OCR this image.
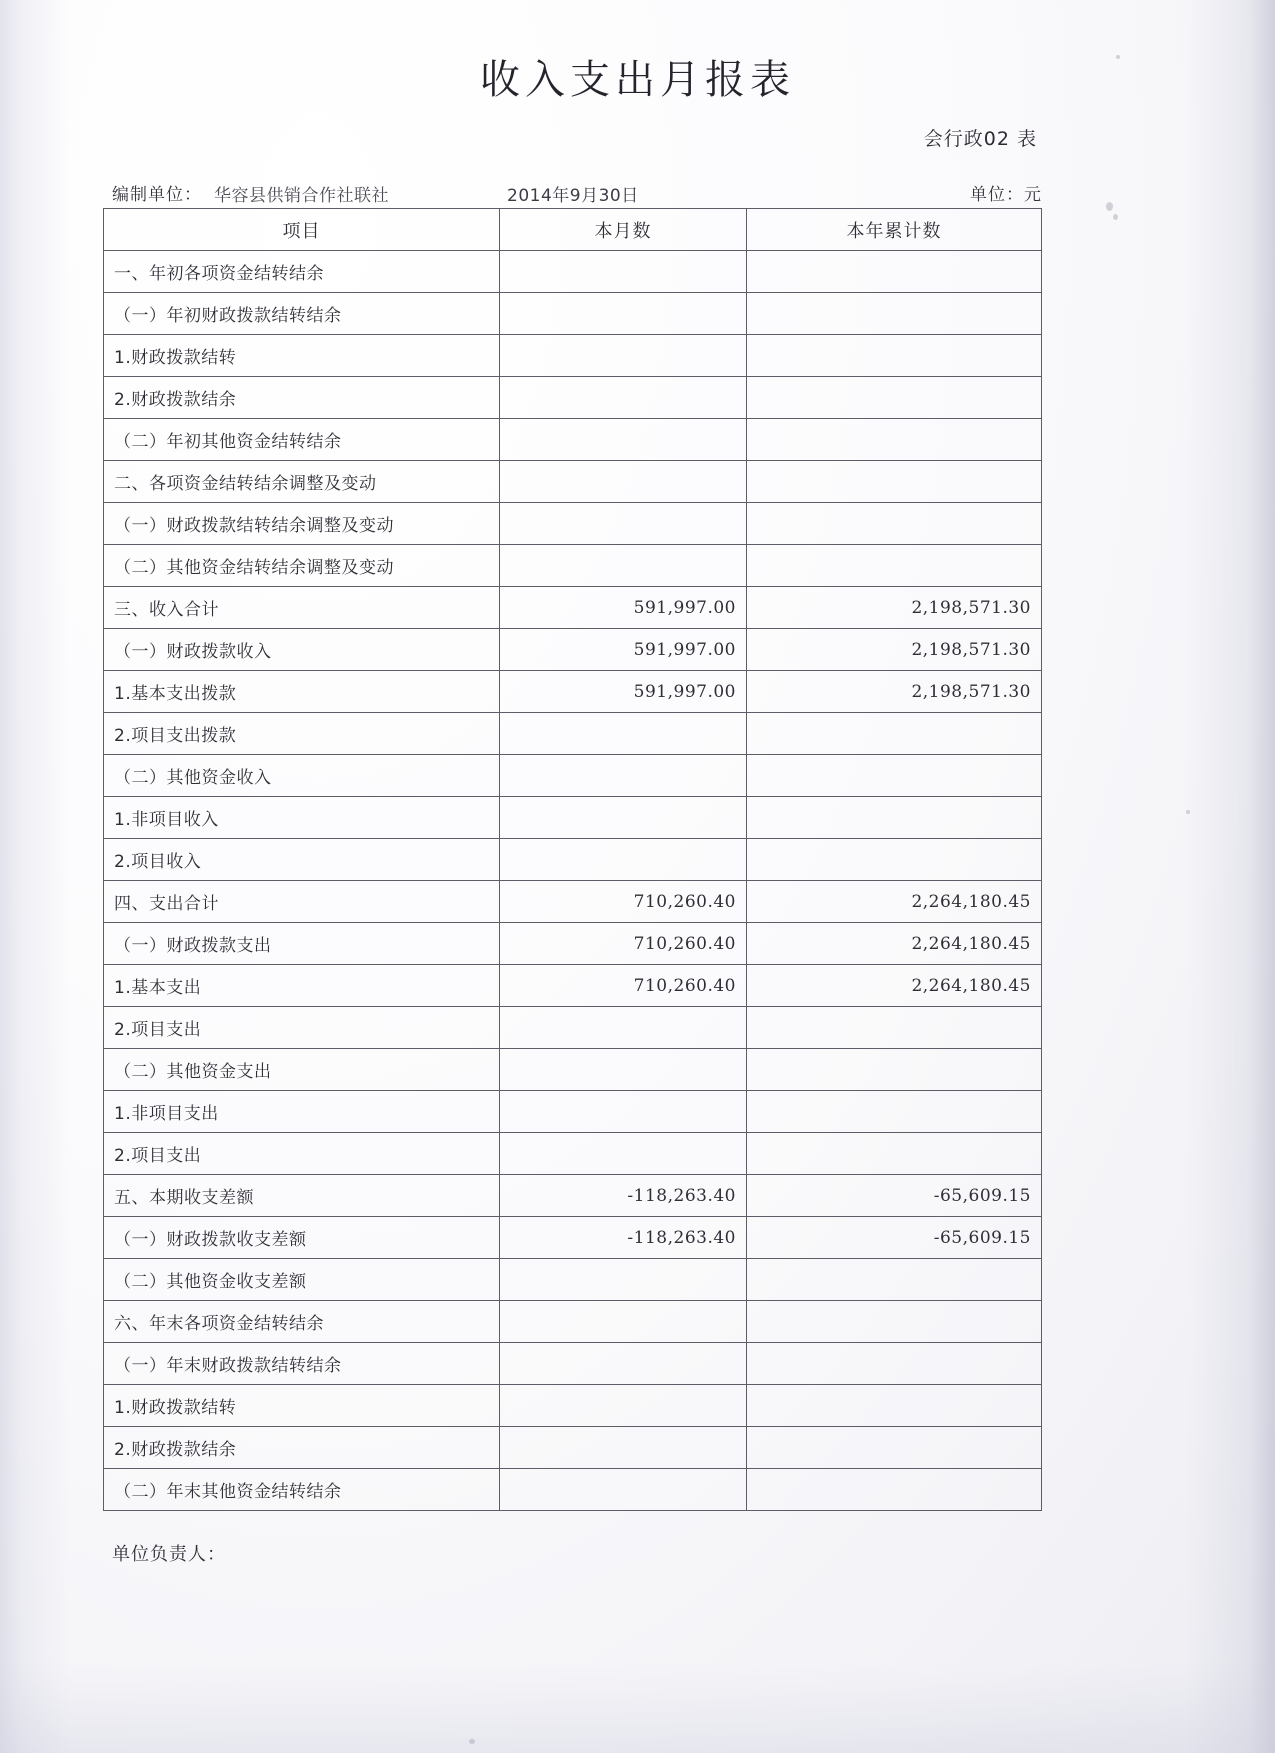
收入支出月报表
会行政02 表
编制单位： 华容县供销合作社联社	2014年9月30日	单位：元
项目	本月数	本年累计数
一、年初各项资金结转结余		
（一）年初财政拨款结转结余		
1.财政拨款结转		
2.财政拨款结余		
（二）年初其他资金结转结余		
二、各项资金结转结余调整及变动		
（一）财政拨款结转结余调整及变动		
（二）其他资金结转结余调整及变动		
三、收入合计	591,997.00	2,198,571.30
（一）财政拨款收入	591,997.00	2,198,571.30
1.基本支出拨款	591,997.00	2,198,571.30
2.项目支出拨款		
（二）其他资金收入		
1.非项目收入		
2.项目收入		
四、支出合计	710,260.40	2,264,180.45
（一）财政拨款支出	710,260.40	2,264,180.45
1.基本支出	710,260.40	2,264,180.45
2.项目支出		
（二）其他资金支出		
1.非项目支出		
2.项目支出		
五、本期收支差额	-118,263.40	-65,609.15
（一）财政拨款收支差额	-118,263.40	-65,609.15
（二）其他资金收支差额		
六、年末各项资金结转结余		
（一）年末财政拨款结转结余		
1.财政拨款结转		
2.财政拨款结余		
（二）年末其他资金结转结余		
单位负责人：
